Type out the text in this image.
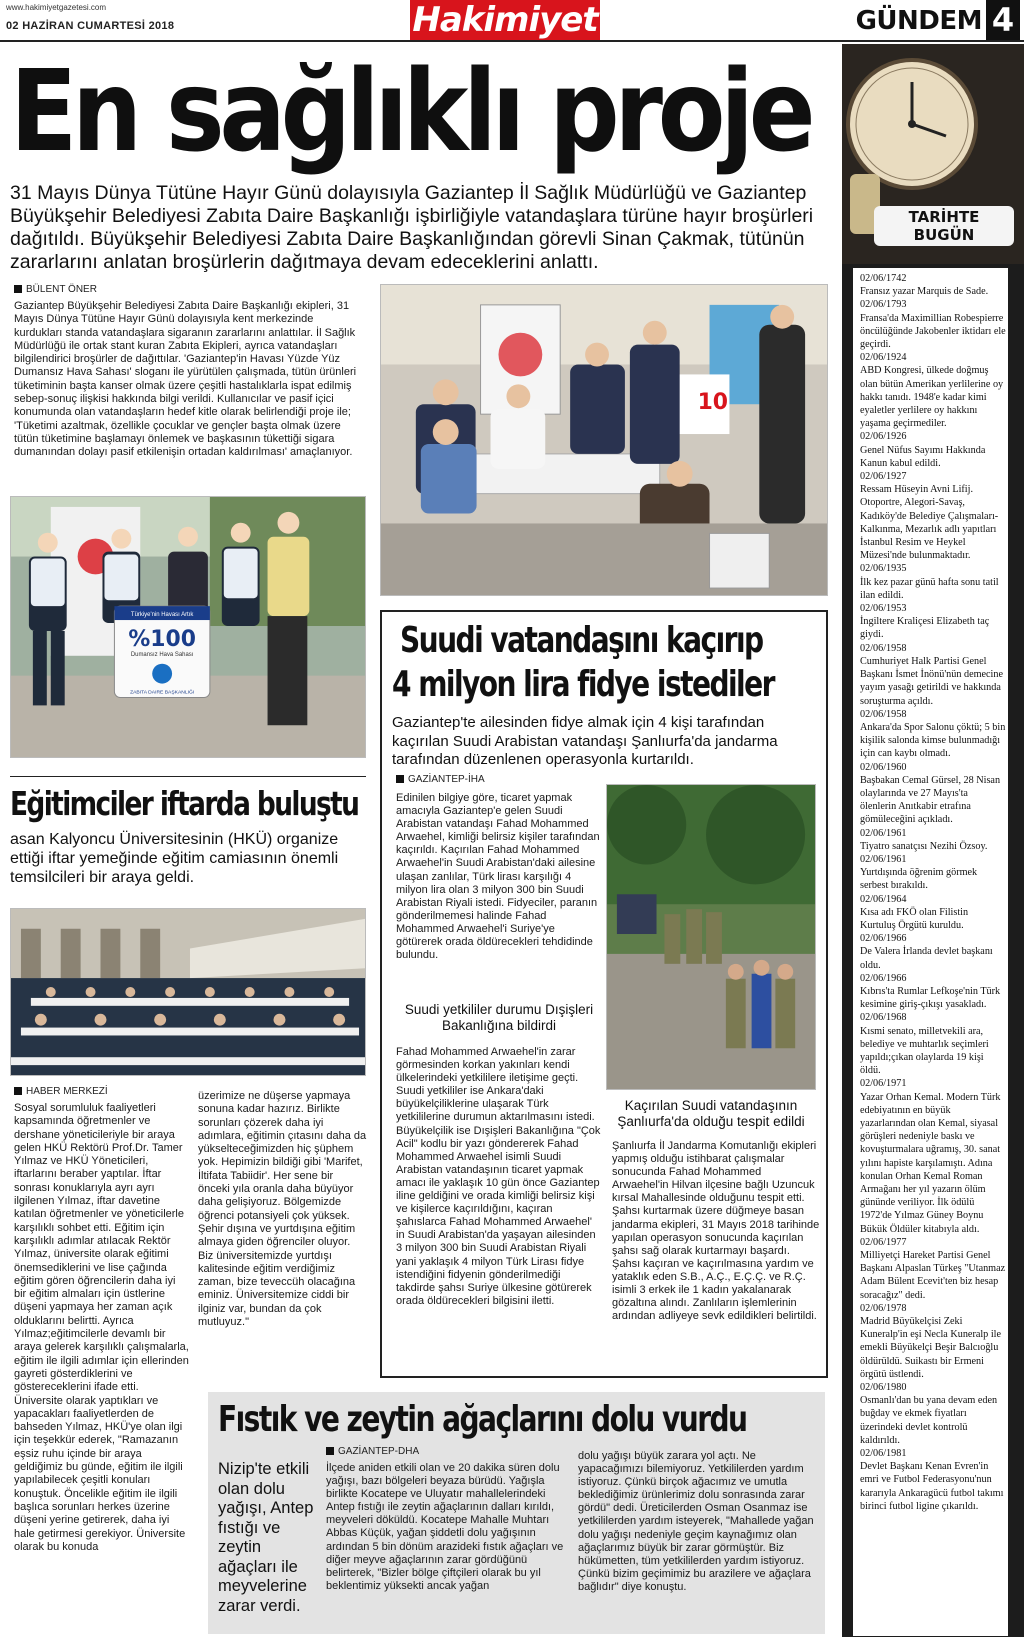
www.hakimiyetgazetesi.com
02 HAZİRAN CUMARTESİ 2018	Hakimiyet	GÜNDEM 4
En sağlıklı proje
31 Mayıs Dünya Tütüne Hayır Günü dolayısıyla Gaziantep İl Sağlık Müdürlüğü ve Gaziantep Büyükşehir Belediyesi Zabıta Daire Başkanlığı işbirliğiyle vatandaşlara türüne hayır broşürleri dağıtıldı. Büyükşehir Belediyesi Zabıta Daire Başkanlığından görevli Sinan Çakmak, tütünün zararlarını anlatan broşürlerin dağıtmaya devam edeceklerini anlattı.
BÜLENT ÖNER
Gaziantep Büyükşehir Belediyesi Zabıta Daire Başkanlığı ekipleri, 31 Mayıs Dünya Tütüne Hayır Günü dolayısıyla kent merkezinde kurdukları standa vatandaşlara sigaranın zararlarını anlattılar. İl Sağlık Müdürlüğü ile ortak stant kuran Zabıta Ekipleri, ayrıca vatandaşları bilgilendirici broşürler de dağıttılar. 'Gaziantep'in Havası Yüzde Yüz Dumansız Hava Sahası' sloganı ile yürütülen çalışmada, tütün ürünleri tüketiminin başta kanser olmak üzere çeşitli hastalıklarla ispat edilmiş sebep-sonuç ilişkisi hakkında bilgi verildi. Kullanıcılar ve pasif içici konumunda olan vatandaşların hedef kitle olarak belirlendiği proje ile; 'Tüketimi azaltmak, özellikle çocuklar ve gençler başta olmak üzere tütün tüketimine başlamayı önlemek ve başkasının tükettiği sigara dumanından dolayı pasif etkilenişin ortadan kaldırılması' amaçlanıyor.
Türkiye'nin Havası Artık
%100
Dumansız Hava Sahası
ZABITA DAIRE BAŞKANLIĞI
10
Suudi vatandaşını kaçırıp
4 milyon lira fidye istediler
Gaziantep'te ailesinden fidye almak için 4 kişi tarafından kaçırılan Suudi Arabistan vatandaşı Şanlıurfa'da jandarma tarafından düzenlenen operasyonla kurtarıldı.
GAZİANTEP-İHA
Edinilen bilgiye göre, ticaret yapmak amacıyla Gaziantep'e gelen Suudi Arabistan vatandaşı Fahad Mohammed Arwaehel, kimliği belirsiz kişiler tarafından kaçırıldı. Kaçırılan Fahad Mohammed Arwaehel'in Suudi Arabistan'daki ailesine ulaşan zanlılar, Türk lirası karşılığı 4 milyon lira olan 3 milyon 300 bin Suudi Arabistan Riyali istedi. Fidyeciler, paranın gönderilmemesi halinde Fahad Mohammed Arwaehel'i Suriye'ye götürerek orada öldürecekleri tehdidinde bulundu.
Suudi yetkililer durumu Dışişleri Bakanlığına bildirdi
Fahad Mohammed Arwaehel'in zarar görmesinden korkan yakınları kendi ülkelerindeki yetkililere iletişime geçti. Suudi yetkililer ise Ankara'daki büyükelçiliklerine ulaşarak Türk yetkililerine durumun aktarılmasını istedi. Büyükelçilik ise Dışişleri Bakanlığına "Çok Acil" kodlu bir yazı göndererek Fahad Mohammed Arwaehel isimli Suudi Arabistan vatandaşının ticaret yapmak amacı ile yaklaşık 10 gün önce Gaziantep iline geldiğini ve orada kimliği belirsiz kişi ve kişilerce kaçırıldığını, kaçıran şahıslarca Fahad Mohammed Arwaehel' in Suudi Arabistan'da yaşayan ailesinden 3 milyon 300 bin Suudi Arabistan Riyali yani yaklaşık 4 milyon Türk Lirası fidye istendiğini fidyenin gönderilmediği takdirde şahsı Suriye ülkesine götürerek orada öldürecekleri bilgisini iletti.
Kaçırılan Suudi vatandaşının Şanlıurfa'da olduğu tespit edildi
Şanlıurfa İl Jandarma Komutanlığı ekipleri yapmış olduğu istihbarat çalışmalar sonucunda Fahad Mohammed Arwaehel'in Hilvan ilçesine bağlı Uzuncuk kırsal Mahallesinde olduğunu tespit etti. Şahsı kurtarmak üzere düğmeye basan jandarma ekipleri, 31 Mayıs 2018 tarihinde yapılan operasyon sonucunda kaçırılan şahsı sağ olarak kurtarmayı başardı. Şahsı kaçıran ve kaçırılmasına yardım ve yataklık eden S.B., A.Ç., E.Ç.Ç. ve R.Ç. isimli 3 erkek ile 1 kadın yakalanarak gözaltına alındı. Zanlıların işlemlerinin ardından adliyeye sevk edildikleri belirtildi.
Eğitimciler iftarda buluştu
asan Kalyoncu Üniversitesinin (HKÜ) organize ettiği iftar yemeğinde eğitim camiasının önemli temsilcileri bir araya geldi.
HABER MERKEZİ
Sosyal sorumluluk faaliyetleri kapsamında öğretmenler ve dershane yöneticileriyle bir araya gelen HKÜ Rektörü Prof.Dr. Tamer Yılmaz ve HKÜ Yöneticileri, iftarlarını beraber yaptılar. İftar sonrası konuklarıyla ayrı ayrı ilgilenen Yılmaz, iftar davetine katılan öğretmenler ve yöneticilerle karşılıklı sohbet etti. Eğitim için karşılıklı adımlar atılacak Rektör Yılmaz, üniversite olarak eğitimi önemsediklerini ve lise çağında eğitim gören öğrencilerin daha iyi bir eğitim almaları için üstlerine düşeni yapmaya her zaman açık olduklarını belirtti. Ayrıca Yılmaz;eğitimcilerle devamlı bir araya gelerek karşılıklı çalışmalarla, eğitim ile ilgili adımlar için ellerinden gayreti gösterdiklerini ve göstereceklerini ifade etti. Üniversite olarak yaptıkları ve yapacakları faaliyetlerden de bahseden Yılmaz, HKÜ'ye olan ilgi için teşekkür ederek, "Ramazanın eşsiz ruhu içinde bir araya geldiğimiz bu günde, eğitim ile ilgili yapılabilecek çeşitli konuları konuştuk. Öncelikle eğitim ile ilgili başlıca sorunları herkes üzerine düşeni yerine getirerek, daha iyi hale getirmesi gerekiyor. Üniversite olarak bu konuda
üzerimize ne düşerse yapmaya sonuna kadar hazırız. Birlikte sorunları çözerek daha iyi adımlara, eğitimin çıtasını daha da yükselteceğimizden hiç şüphem yok. Hepimizin bildiği gibi 'Marifet, İltifata Tabiidir'. Her sene bir önceki yıla oranla daha büyüyor daha gelişiyoruz. Bölgemizde öğrenci potansiyeli çok yüksek. Şehir dışına ve yurtdışına eğitim almaya giden öğrenciler oluyor. Biz üniversitemizde yurtdışı kalitesinde eğitim verdiğimiz zaman, bize teveccüh olacağına eminiz. Üniversitemize ciddi bir ilginiz var, bundan da çok mutluyuz."
Fıstık ve zeytin ağaçlarını dolu vurdu
Nizip'te etkili olan dolu yağışı, Antep fıstığı ve zeytin ağaçları ile meyvelerine zarar verdi.
GAZİANTEP-DHA
İlçede aniden etkili olan ve 20 dakika süren dolu yağışı, bazı bölgeleri beyaza bürüdü. Yağışla birlikte Kocatepe ve Uluyatır mahallelerindeki Antep fıstığı ile zeytin ağaçlarının dalları kırıldı, meyveleri döküldü. Kocatepe Mahalle Muhtarı Abbas Küçük, yağan şiddetli dolu yağışının ardından 5 bin dönüm arazideki fıstık ağaçları ve diğer meyve ağaçlarının zarar gördüğünü belirterek, "Bizler bölge çiftçileri olarak bu yıl beklentimiz yüksekti ancak yağan
dolu yağışı büyük zarara yol açtı. Ne yapacağımızı bilemiyoruz. Yetkililerden yardım istiyoruz. Çünkü birçok ağacımız ve umutla beklediğimiz ürünlerimiz dolu sonrasında zarar gördü" dedi. Üreticilerden Osman Osanmaz ise yetkililerden yardım isteyerek, "Mahallede yağan dolu yağışı nedeniyle geçim kaynağımız olan ağaçlarımız büyük bir zarar görmüştür. Biz hükümetten, tüm yetkililerden yardım istiyoruz. Çünkü bizim geçimimiz bu arazilere ve ağaçlara bağlıdır" diye konuştu.
TARİHTE BUGÜN
02/06/1742
Fransız yazar Marquis de Sade.
02/06/1793
Fransa'da Maximillian Robespierre öncülüğünde Jakobenler iktidarı ele geçirdi.
02/06/1924
ABD Kongresi, ülkede doğmuş olan bütün Amerikan yerlilerine oy hakkı tanıdı. 1948'e kadar kimi eyaletler yerlilere oy hakkını yaşama geçirmediler.
02/06/1926
Genel Nüfus Sayımı Hakkında Kanun kabul edildi.
02/06/1927
Ressam Hüseyin Avni Lifij. Otoportre, Alegori-Savaş, Kadıköy'de Belediye Çalışmaları-Kalkınma, Mezarlık adlı yapıtları İstanbul Resim ve Heykel Müzesi'nde bulunmaktadır.
02/06/1935
İlk kez pazar günü hafta sonu tatil ilan edildi.
02/06/1953
İngiltere Kraliçesi Elizabeth taç giydi.
02/06/1958
Cumhuriyet Halk Partisi Genel Başkanı İsmet İnönü'nün demecine yayım yasağı getirildi ve hakkında soruşturma açıldı.
02/06/1958
Ankara'da Spor Salonu çöktü; 5 bin kişilik salonda kimse bulunmadığı için can kaybı olmadı.
02/06/1960
Başbakan Cemal Gürsel, 28 Nisan olaylarında ve 27 Mayıs'ta ölenlerin Anıtkabir etrafına gömüleceğini açıkladı.
02/06/1961
Tiyatro sanatçısı Nezihi Özsoy.
02/06/1961
Yurtdışında öğrenim görmek serbest bırakıldı.
02/06/1964
Kısa adı FKÖ olan Filistin Kurtuluş Örgütü kuruldu.
02/06/1966
De Valera İrlanda devlet başkanı oldu.
02/06/1966
Kıbrıs'ta Rumlar Lefkoşe'nin Türk kesimine giriş-çıkışı yasakladı.
02/06/1968
Kısmi senato, milletvekili ara, belediye ve muhtarlık seçimleri yapıldı;çıkan olaylarda 19 kişi öldü.
02/06/1971
Yazar Orhan Kemal. Modern Türk edebiyatının en büyük yazarlarından olan Kemal, siyasal görüşleri nedeniyle baskı ve kovuşturmalara uğramış, 30. sanat yılını hapiste karşılamıştı. Adına konulan Orhan Kemal Roman Armağanı her yıl yazarın ölüm gününde veriliyor. İlk ödülü 1972'de Yılmaz Güney Boynu Bükük Öldüler kitabıyla aldı.
02/06/1977
Milliyetçi Hareket Partisi Genel Başkanı Alpaslan Türkeş "Utanmaz Adam Bülent Ecevit'ten biz hesap soracağız" dedi.
02/06/1978
Madrid Büyükelçisi Zeki Kuneralp'in eşi Necla Kuneralp ile emekli Büyükelçi Beşir Balcıoğlu öldürüldü. Suikastı bir Ermeni örgütü üstlendi.
02/06/1980
Osmanlı'dan bu yana devam eden buğday ve ekmek fiyatları üzerindeki devlet kontrolü kaldırıldı.
02/06/1981
Devlet Başkanı Kenan Evren'in emri ve Futbol Federasyonu'nun kararıyla Ankaragücü futbol takımı birinci futbol ligine çıkarıldı.
